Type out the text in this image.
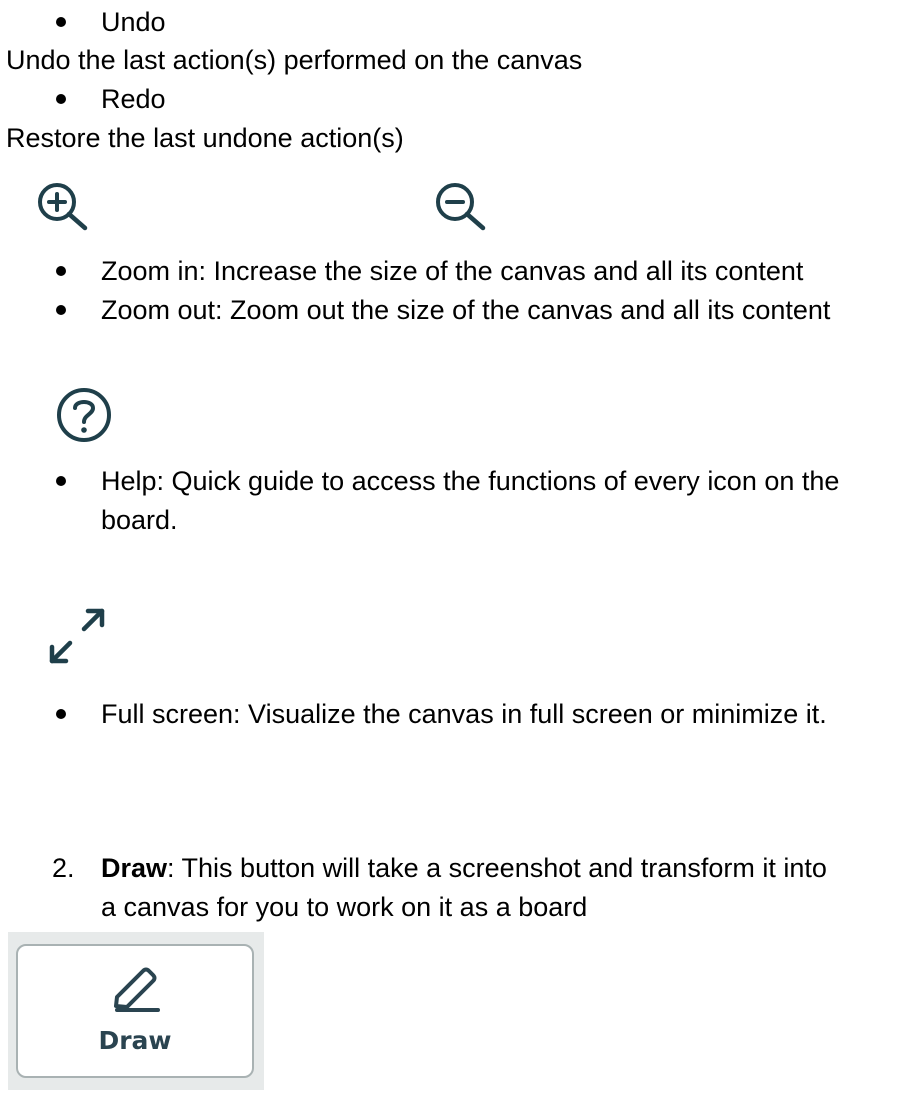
Undo
Undo the last action(s) performed on the canvas
Redo
Restore the last undone action(s)
Zoom in: Increase the size of the canvas and all its content
Zoom out: Zoom out the size of the canvas and all its content
Help: Quick guide to access the functions of every icon on the
board.
Full screen: Visualize the canvas in full screen or minimize it.
2. Draw: This button will take a screenshot and transform it into
a canvas for you to work on it as a board
Draw
